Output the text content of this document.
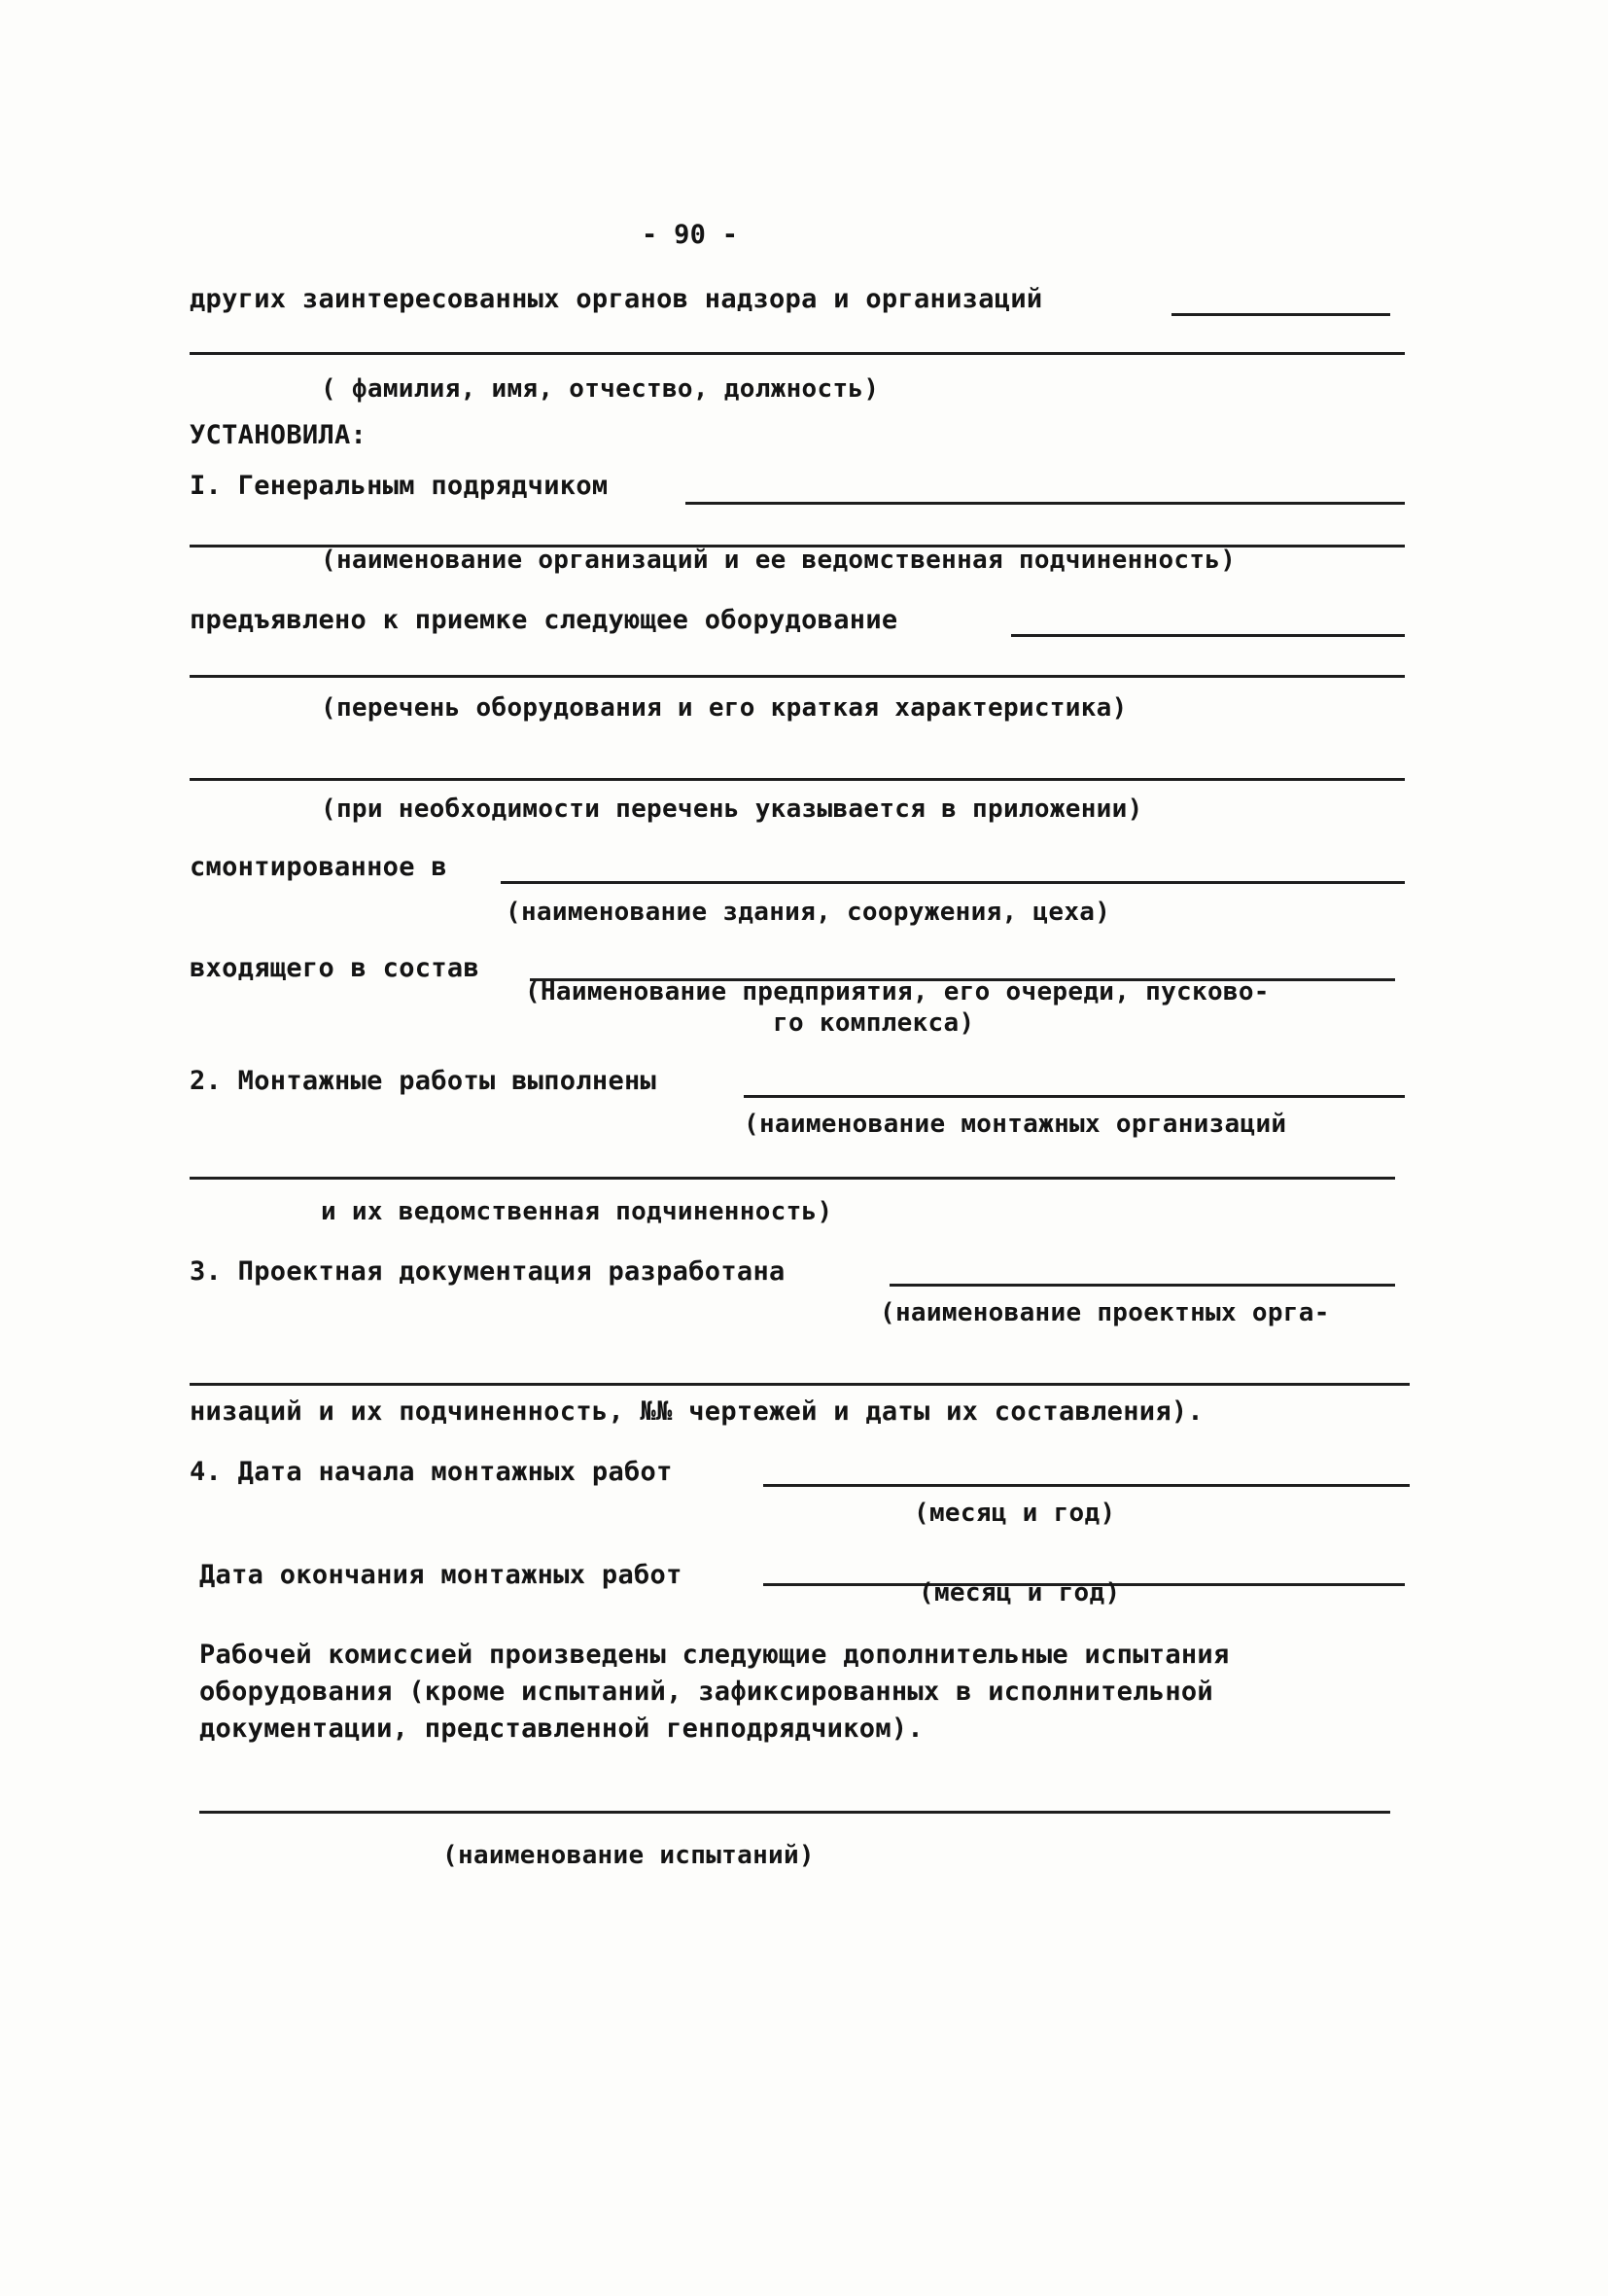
- 90 -
других заинтересованных органов надзора и организаций
( фамилия, имя, отчество, должность)
УСТАНОВИЛА:
I. Генеральным подрядчиком
(наименование организаций и ее ведомственная подчиненность)
предъявлено к приемке следующее оборудование
(перечень оборудования и его краткая характеристика)
(при необходимости перечень указывается в приложении)
смонтированное в
(наименование здания, сооружения, цеха)
входящего в состав
(Наименование предприятия, его очереди, пусково-
го комплекса)
2. Монтажные работы выполнены
(наименование монтажных организаций
и их ведомственная подчиненность)
3. Проектная документация разработана
(наименование проектных орга-
низаций и их подчиненность, №№ чертежей и даты их составления).
4. Дата начала монтажных работ
(месяц и год)
Дата окончания монтажных работ
(месяц и год)
Рабочей комиссией произведены следующие дополнительные испытания
оборудования (кроме испытаний, зафиксированных в исполнительной
документации, представленной генподрядчиком).
(наименование испытаний)
